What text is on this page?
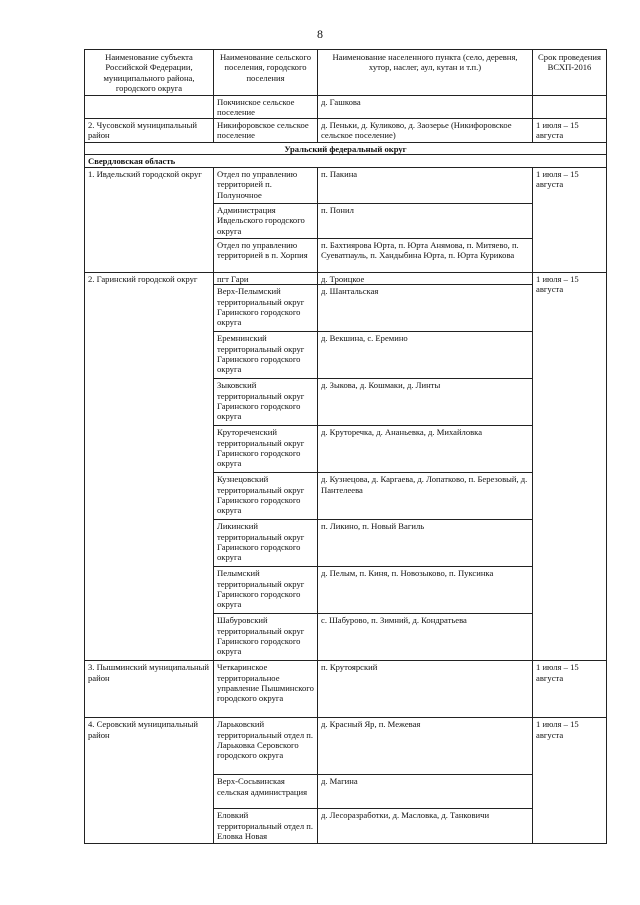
8
Наименование субъекта Российской Федерации, муниципального района, городского округа	Наименование сельского поселения, городского поселения	Наименование населенного пункта (село, деревня, хутор, наслег, аул, кутан и т.п.)	Срок проведения ВСХП-2016
	Покчинское сельское поселение	д. Гашкова	
2. Чусовской муниципальный район	Никифоровское сельское поселение	д. Пеньки, д. Куликово, д. Заозерье (Никифоровское сельское поселение)	1 июля – 15 августа
Уральский федеральный округ			
Свердловская область			
1. Ивдельский городской округ	Отдел по управлению территорией п. Полуночное	п. Пакина	1 июля – 15 августа
	Администрация Ивдельского городского округа	п. Понил	
	Отдел по управлению территорией в п. Хорпия	п. Бахтиярова Юрта, п. Юрта Анямова, п. Митяево, п. Суеватпауль, п. Хандыбина Юрта, п. Юрта Курикова	
2. Гаринский городской округ	пгт Гари	д. Троицкое	1 июля – 15 августа
	Верх-Пелымский территориальный округ Гаринского городского округа	д. Шантальская	
	Еремнинский территориальный округ Гаринского городского округа	д. Векшина, с. Еремино	
	Зыковский территориальный округ Гаринского городского округа	д. Зыкова, д. Кошмаки, д. Линты	
	Крутореченский территориальный округ Гаринского городского округа	д. Круторечка, д. Ананьевка, д. Михайловка	
	Кузнецовский территориальный округ Гаринского городского округа	д. Кузнецова, д. Каргаева, д. Лопатково, п. Березовый, д. Пантелеева	
	Ликинский территориальный округ Гаринского городского округа	п. Ликино, п. Новый Вагиль	
	Пелымский территориальный округ Гаринского городского округа	д. Пелым, п. Киня, п. Новозыково, п. Пуксинка	
	Шабуровский территориальный округ Гаринского городского округа	с. Шабурово, п. Зимний, д. Кондратьева	
3. Пышминский муниципальный район	Четкаринское территориальное управление Пышминского городского округа	п. Крутоярский	1 июля – 15 августа
4. Серовский муниципальный район	Ларьковский территориальный отдел п. Ларьковка Серовского городского округа	д. Красный Яр, п. Межевая	1 июля – 15 августа
	Верх-Сосьвинская сельская администрация	д. Магина	
	Еловкий территориальный отдел п. Еловка Новая	д. Лесоразработки, д. Масловка, д. Танковичи	
